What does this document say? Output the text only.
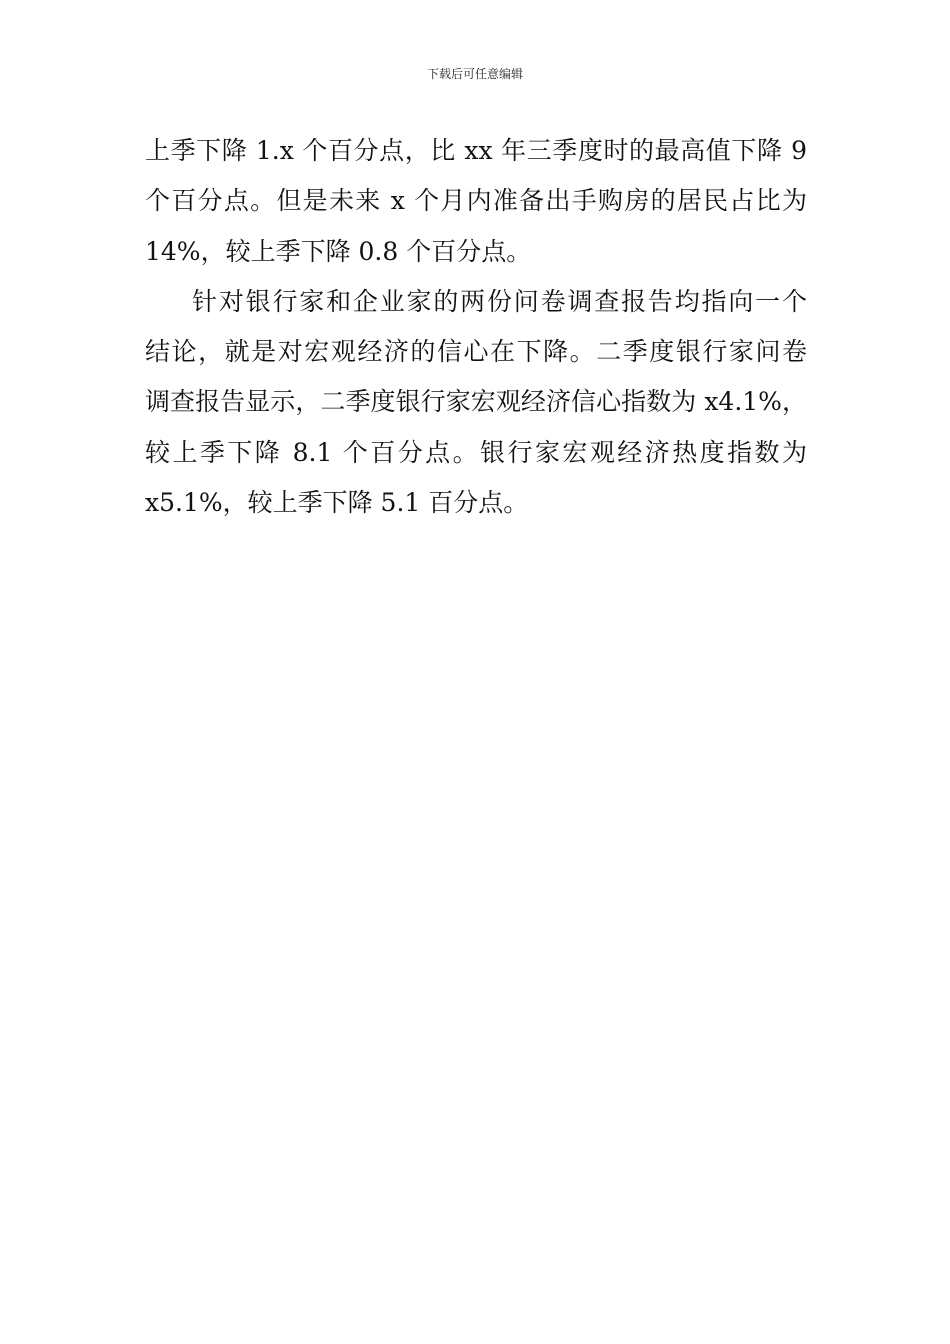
下载后可任意编辑
上季下降 1.x 个百分点，比 xx 年三季度时的最高值下降 9
个百分点。但是未来 x 个月内准备出手购房的居民占比为
14%，较上季下降 0.8 个百分点。
针对银行家和企业家的两份问卷调查报告均指向一个
结论，就是对宏观经济的信心在下降。二季度银行家问卷
调查报告显示，二季度银行家宏观经济信心指数为 x4.1%，
较上季下降 8.1 个百分点。银行家宏观经济热度指数为
x5.1%，较上季下降 5.1 百分点。
